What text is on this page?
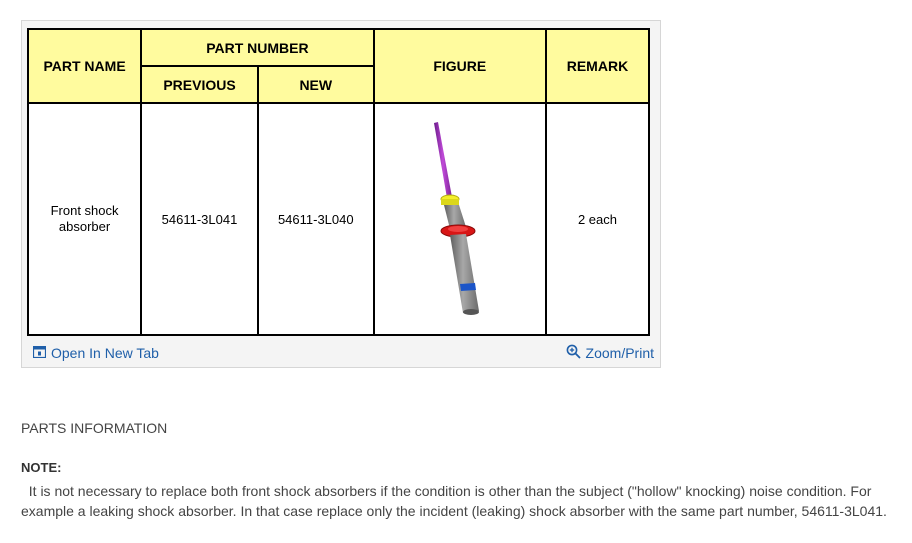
PART NAME	PART NUMBER		FIGURE	REMARK
	PREVIOUS	NEW		
Front shock absorber	54611-3L041	54611-3L040		2 each
Open In New Tab	Zoom/Print
PARTS INFORMATION
NOTE:
It is not necessary to replace both front shock absorbers if the condition is other than the subject ("hollow" knocking) noise condition. For example a leaking shock absorber. In that case replace only the incident (leaking) shock absorber with the same part number, 54611-3L041.
